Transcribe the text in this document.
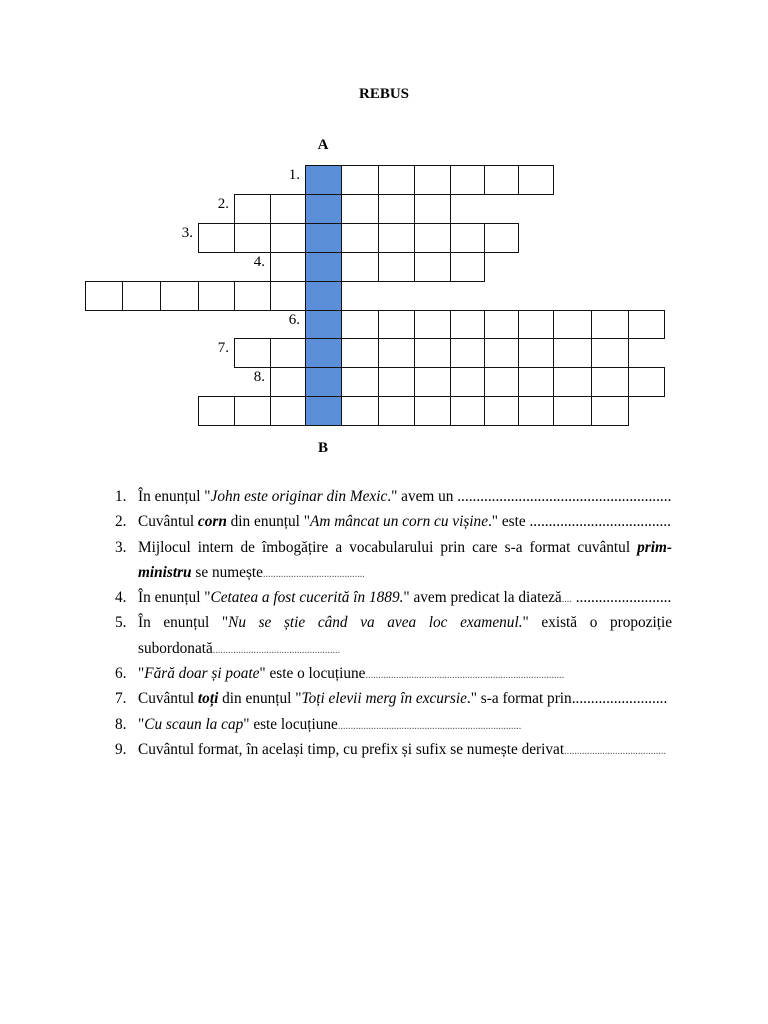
REBUS
A
1.
2.
3.
4.
6.
7.
8.
B
1. În enunțul "John este originar din Mexic." avem un ........................................................
2. Cuvântul corn din enunțul "Am mâncat un corn cu vișine." este .....................................
3. Mijlocul intern de îmbogățire a vocabularului prin care s-a format cuvântul prim-
ministru se numește........................................
4. În enunțul "Cetatea a fost cucerită în 1889." avem predicat la diateză.... .........................
5. În enunțul "Nu se știe când va avea loc examenul." există o propoziție
subordonată..................................................
6. "Fără doar și poate" este o locuțiune..............................................................................
7. Cuvântul toți din enunțul "Toți elevii merg în excursie." s-a format prin.........................
8. "Cu scaun la cap" este locuțiune........................................................................
9. Cuvântul format, în același timp, cu prefix și sufix se numește derivat........................................
